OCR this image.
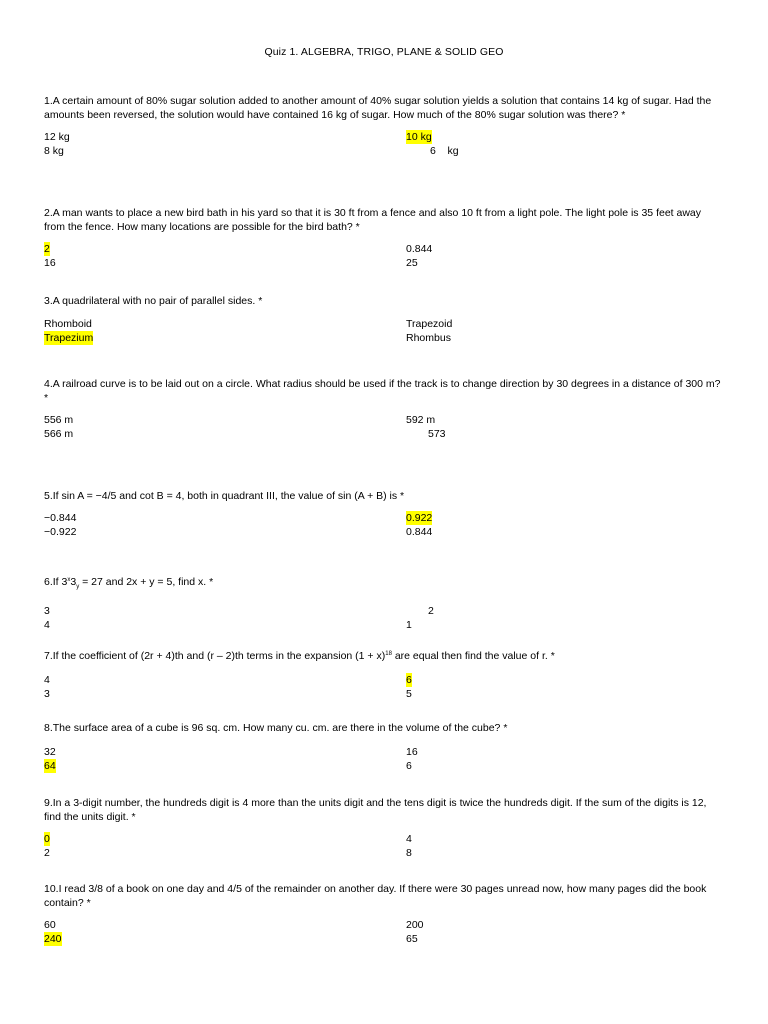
Quiz 1. ALGEBRA, TRIGO, PLANE & SOLID GEO

1.A certain amount of 80% sugar solution added to another amount of 40% sugar solution yields a solution that contains 14 kg of sugar. Had the amounts been reversed, the solution would have contained 16 kg of sugar. How much of the 80% sugar solution was there? *

12 kg
8 kg
10 kg
6    kg

2.A man wants to place a new bird bath in his yard so that it is 30 ft from a fence and also 10 ft from a light pole. The light pole is 35 feet away from the fence. How many locations are possible for the bird bath? *

2
16
0.844
25

3.A quadrilateral with no pair of parallel sides. *

Rhomboid
Trapezium
Trapezoid
Rhombus

4.A railroad curve is to be laid out on a circle. What radius should be used if the track is to change direction by 30 degrees in a distance of 300 m? *

556 m
566 m
592 m
573

5.If sin A = −4/5 and cot B = 4, both in quadrant III, the value of sin (A + B) is *

−0.844
−0.922
0.922
0.844

6.If $3^x3_y = 27$ and 2x + y = 5, find x. *

3
4
2
1

7.If the coefficient of (2r + 4)th and (r – 2)th terms in the expansion $(1 + x)^{18}$ are equal then find the value of r. *

4
3
6
5

8.The surface area of a cube is 96 sq. cm. How many cu. cm. are there in the volume of the cube? *

32
64
16
6

9.In a 3-digit number, the hundreds digit is 4 more than the units digit and the tens digit is twice the hundreds digit. If the sum of the digits is 12, find the units digit. *

0
2
4
8

10.I read 3/8 of a book on one day and 4/5 of the remainder on another day. If there were 30 pages unread now, how many pages did the book contain? *

60
240
200
65
